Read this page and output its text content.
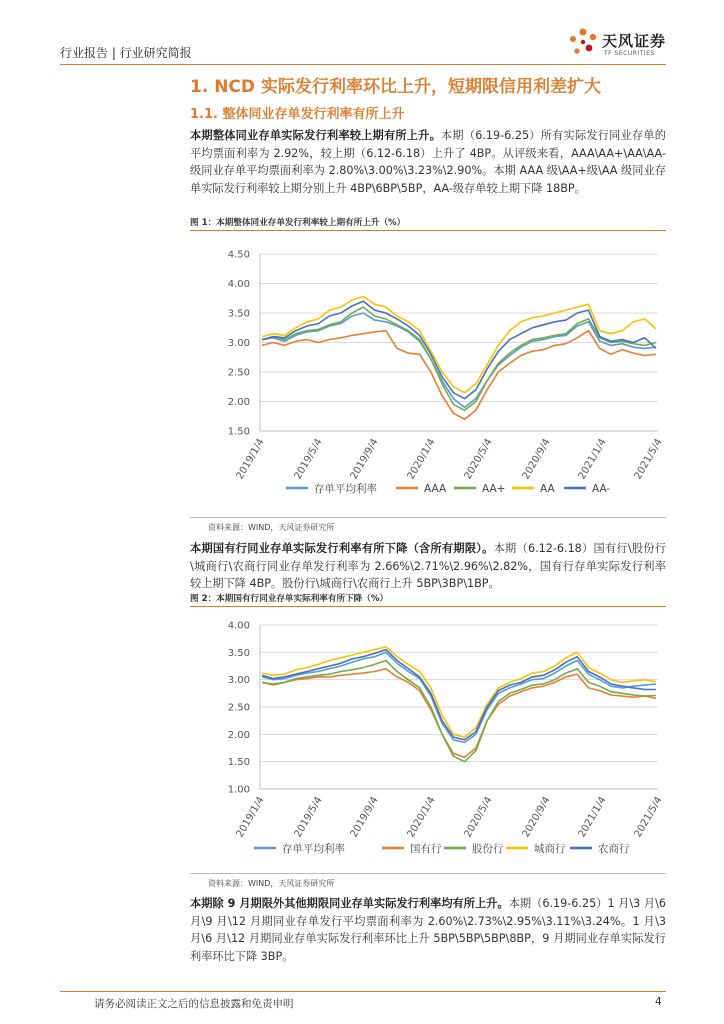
行业报告 | 行业研究简报
天风证券
TF SECURITIES
1. NCD 实际发行利率环比上升，短期限信用利差扩大
1.1. 整体同业存单发行利率有所上升
本期整体同业存单实际发行利率较上期有所上升。本期（6.19-6.25）所有实际发行同业存单的平均票面利率为 2.92%，较上期（6.12-6.18）上升了 4BP。从评级来看，AAA\AA+\AA\AA-级同业存单平均票面利率为 2.80%\3.00%\3.23%\2.90%。本期 AAA 级\AA+级\AA 级同业存单实际发行利率较上期分别上升 4BP\6BP\5BP，AA-级存单较上期下降 18BP。
图 1：本期整体同业存单发行利率较上期有所上升（%）
4.50
4.00
3.50
3.00
2.50
2.00
1.50
2019/1/4	2019/5/4 2019/9/4	2020/1/4	2020/5/4	2020/9/4 2021/1/4 2021/5/4
存单平均利率	AAA	AA+	AA	AA-
资料来源：WIND，天风证券研究所
本期国有行同业存单实际发行利率有所下降（含所有期限）。本期（6.12-6.18）国有行\股份行\城商行\农商行同业存单发行利率为 2.66%\2.71%\2.96%\2.82%，国有行存单实际发行利率较上期下降 4BP。股份行\城商行\农商行上升 5BP\3BP\1BP。
图 2：本期国有行同业存单实际利率有所下降（%）
4.00
3.50
3.00
2.50
2.00
1.50
1.00
2019/1/4	2019/5/4 2019/9/4	2020/1/4	2020/5/4	2020/9/4 2021/1/4 2021/5/4
存单平均利率	国有行	股份行	城商行	农商行
资料来源：WIND，天风证券研究所
本期除 9 月期限外其他期限同业存单实际发行利率均有所上升。本期（6.19-6.25）1 月\3 月\6 月\9 月\12 月期同业存单发行平均票面利率为 2.60%\2.73%\2.95%\3.11%\3.24%。1 月\3 月\6 月\12 月期同业存单实际发行利率环比上升 5BP\5BP\5BP\8BP，9 月期同业存单实际发行利率环比下降 3BP。
请务必阅读正文之后的信息披露和免责申明	4
